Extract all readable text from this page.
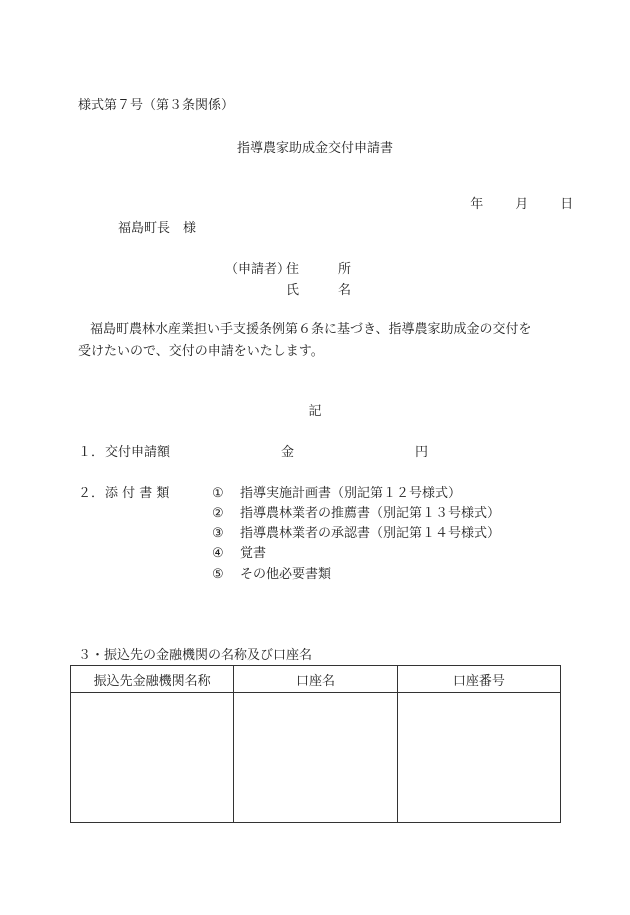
様式第７号（第３条関係）
指導農家助成金交付申請書

年 月 日

福島町長　様
（申請者）
住　　　所
氏　　　名
福島町農林水産業担い手支援条例第６条に基づき、指導農家助成金の交付を
受けたいので、交付の申請をいたします。
記
１． 交付申請額	金	円
２． 添 付 書 類	① 指導実施計画書（別記第１２号様式）
② 指導農林業者の推薦書（別記第１３号様式）
③ 指導農林業者の承認書（別記第１４号様式）
④ 覚書
⑤ その他必要書類
３・振込先の金融機関の名称及び口座名
振込先金融機関名称	口座名	口座番号
